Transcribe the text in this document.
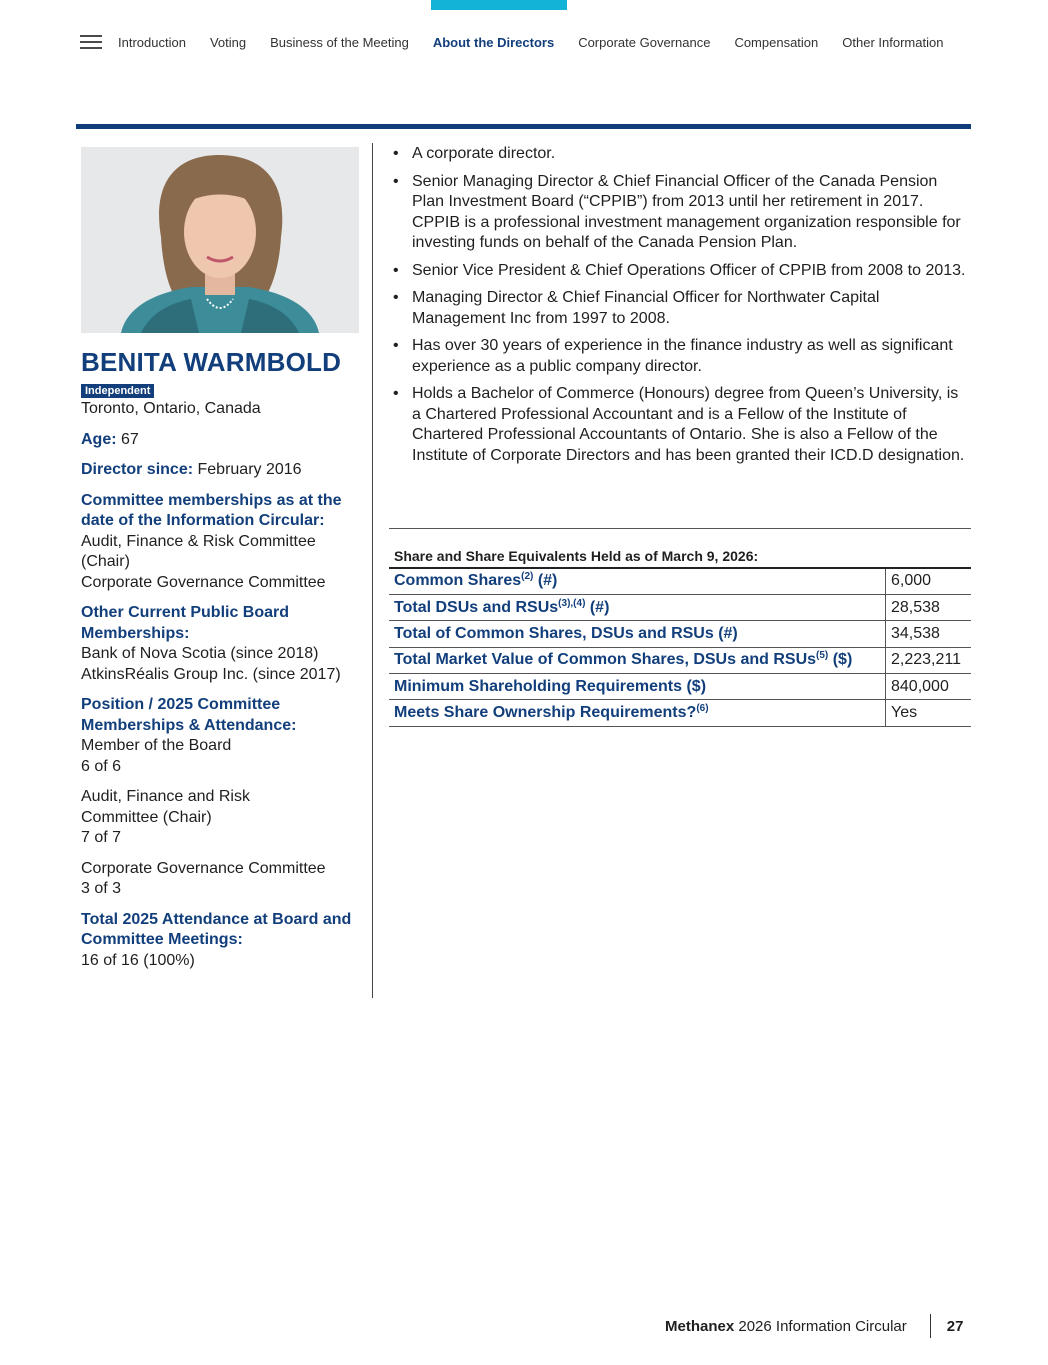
Introduction Voting Business of the Meeting About the Directors Corporate Governance Compensation Other Information
BENITA WARMBOLD
Independent
Toronto, Ontario, Canada
Age: 67
Director since: February 2016
Committee memberships as at the date of the Information Circular:
Audit, Finance & Risk Committee (Chair)
Corporate Governance Committee
Other Current Public Board Memberships:
Bank of Nova Scotia (since 2018)
AtkinsRéalis Group Inc. (since 2017)
Position / 2025 Committee Memberships & Attendance:
Member of the Board
6 of 6
Audit, Finance and Risk Committee (Chair)
7 of 7
Corporate Governance Committee
3 of 3
Total 2025 Attendance at Board and Committee Meetings:
16 of 16 (100%)
• A corporate director.
• Senior Managing Director & Chief Financial Officer of the Canada Pension Plan Investment Board (“CPPIB”) from 2013 until her retirement in 2017. CPPIB is a professional investment management organization responsible for investing funds on behalf of the Canada Pension Plan.
• Senior Vice President & Chief Operations Officer of CPPIB from 2008 to 2013.
• Managing Director & Chief Financial Officer for Northwater Capital Management Inc from 1997 to 2008.
• Has over 30 years of experience in the finance industry as well as significant experience as a public company director.
• Holds a Bachelor of Commerce (Honours) degree from Queen’s University, is a Chartered Professional Accountant and is a Fellow of the Institute of Chartered Professional Accountants of Ontario. She is also a Fellow of the Institute of Corporate Directors and has been granted their ICD.D designation.
Share and Share Equivalents Held as of March 9, 2026:
Common Shares$^{(2)}$ (#)	6,000
Total DSUs and RSUs$^{(3),(4)}$ (#)	28,538
Total of Common Shares, DSUs and RSUs (#)	34,538
Total Market Value of Common Shares, DSUs and RSUs$^{(5)}$ ($)	2,223,211
Minimum Shareholding Requirements ($)	840,000
Meets Share Ownership Requirements?$^{(6)}$	Yes
Methanex
2026 Information Circular	27
